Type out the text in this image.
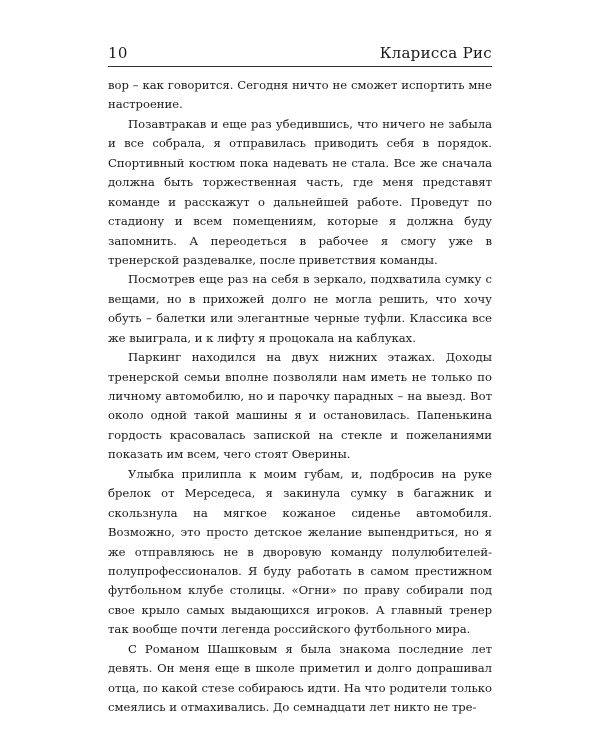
10	Кларисса Рис

вор – как говорится. Сегодня ничто не сможет испортить мне настроение.

Позавтракав и еще раз убедившись, что ничего не забыла и все собрала, я отправилась приводить себя в порядок. Спортивный костюм пока надевать не стала. Все же сначала должна быть торжественная часть, где меня представят команде и расскажут о дальнейшей работе. Проведут по стадиону и всем помещениям, которые я должна буду запомнить. А переодеться в рабочее я смогу уже в тренерской раздевалке, после приветствия команды.

Посмотрев еще раз на себя в зеркало, подхватила сумку с вещами, но в прихожей долго не могла решить, что хочу обуть – балетки или элегантные черные туфли. Классика все же выиграла, и к лифту я процокала на каблуках.

Паркинг находился на двух нижних этажах. Доходы тренерской семьи вполне позволяли нам иметь не только по личному автомобилю, но и парочку парадных – на выезд. Вот около одной такой машины я и остановилась. Папенькина гордость красовалась запиской на стекле и пожеланиями показать им всем, чего стоят Оверины.

Улыбка прилипла к моим губам, и, подбросив на руке брелок от Мерседеса, я закинула сумку в багажник и скользнула на мягкое кожаное сиденье автомобиля. Возможно, это просто детское желание выпендриться, но я же отправляюсь не в дворовую команду полулюбителей-полупрофессионалов. Я буду работать в самом престижном футбольном клубе столицы. «Огни» по праву собирали под свое крыло самых выдающихся игроков. А главный тренер так вообще почти легенда российского футбольного мира.

С Романом Шашковым я была знакома последние лет девять. Он меня еще в школе приметил и долго допрашивал отца, по какой стезе собираюсь идти. На что родители только смеялись и отмахивались. До семнадцати лет никто не тре-
